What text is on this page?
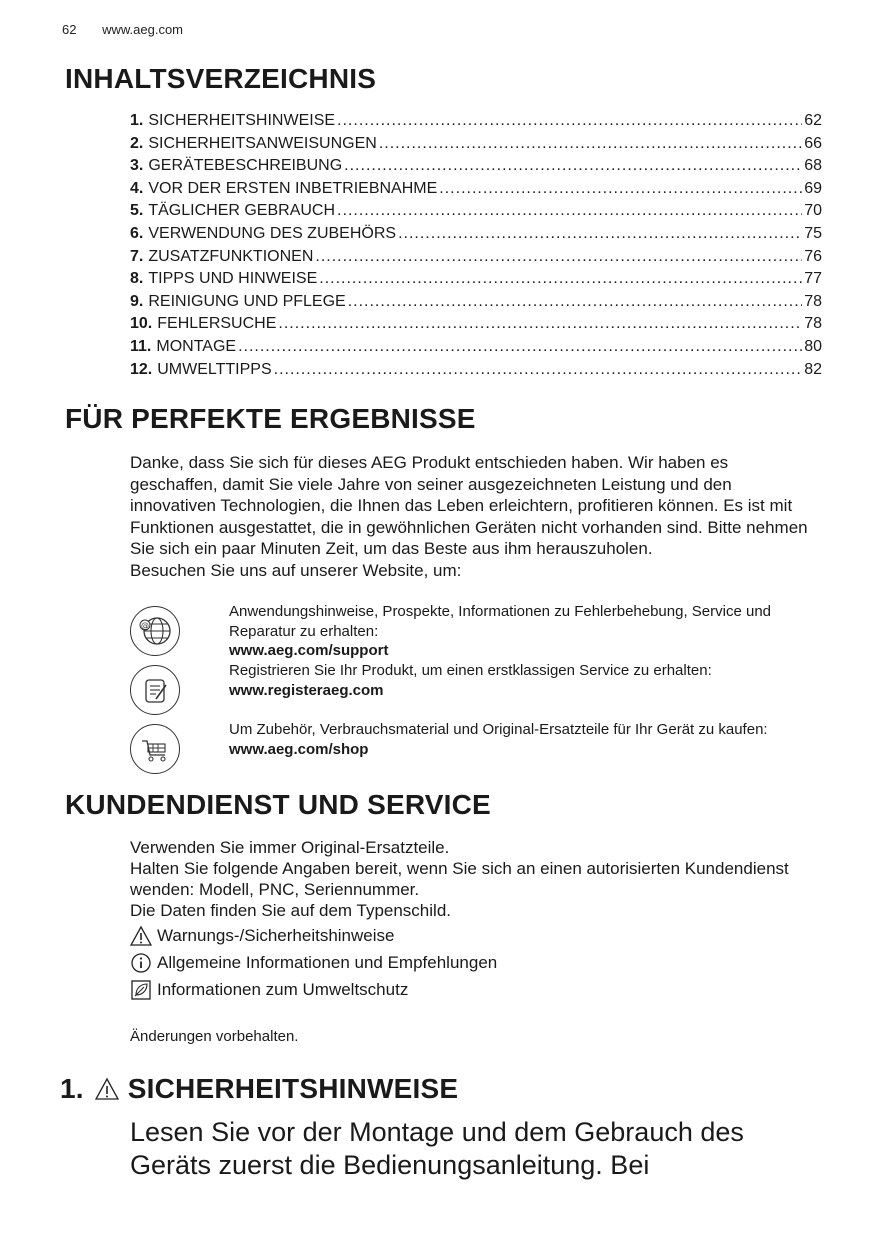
62 www.aeg.com
INHALTSVERZEICHNIS
1. SICHERHEITSHINWEISE .....	62
2. SICHERHEITSANWEISUNGEN .....	66
3. GERÄTEBESCHREIBUNG .....	68
4. VOR DER ERSTEN INBETRIEBNAHME .....	69
5. TÄGLICHER GEBRAUCH .....	70
6. VERWENDUNG DES ZUBEHÖRS .....	75
7. ZUSATZFUNKTIONEN .....	76
8. TIPPS UND HINWEISE .....	77
9. REINIGUNG UND PFLEGE .....	78
10. FEHLERSUCHE .....	78
11. MONTAGE .....	80
12. UMWELTTIPPS .....	82
FÜR PERFEKTE ERGEBNISSE

Danke, dass Sie sich für dieses AEG Produkt entschieden haben. Wir haben es geschaffen, damit Sie viele Jahre von seiner ausgezeichneten Leistung und den innovativen Technologien, die Ihnen das Leben erleichtern, profitieren können. Es ist mit Funktionen ausgestattet, die in gewöhnlichen Geräten nicht vorhanden sind. Bitte nehmen Sie sich ein paar Minuten Zeit, um das Beste aus ihm herauszuholen.

Besuchen Sie uns auf unserer Website, um:

@
Anwendungshinweise, Prospekte, Informationen zu Fehlerbehebung, Service und Reparatur zu erhalten:
www.aeg.com/support
Registrieren Sie Ihr Produkt, um einen erstklassigen Service zu erhalten:
www.registeraeg.com
Um Zubehör, Verbrauchsmaterial und Original-Ersatzteile für Ihr Gerät zu kaufen:
www.aeg.com/shop
KUNDENDIENST UND SERVICE

Verwenden Sie immer Original-Ersatzteile.

Halten Sie folgende Angaben bereit, wenn Sie sich an einen autorisierten Kundendienst wenden: Modell, PNC, Seriennummer.

Die Daten finden Sie auf dem Typenschild.

Warnungs-/Sicherheitshinweise
Allgemeine Informationen und Empfehlungen
Informationen zum Umweltschutz
Änderungen vorbehalten.
1. SICHERHEITSHINWEISE
Lesen Sie vor der Montage und dem Gebrauch des Geräts zuerst die Bedienungsanleitung. Bei
